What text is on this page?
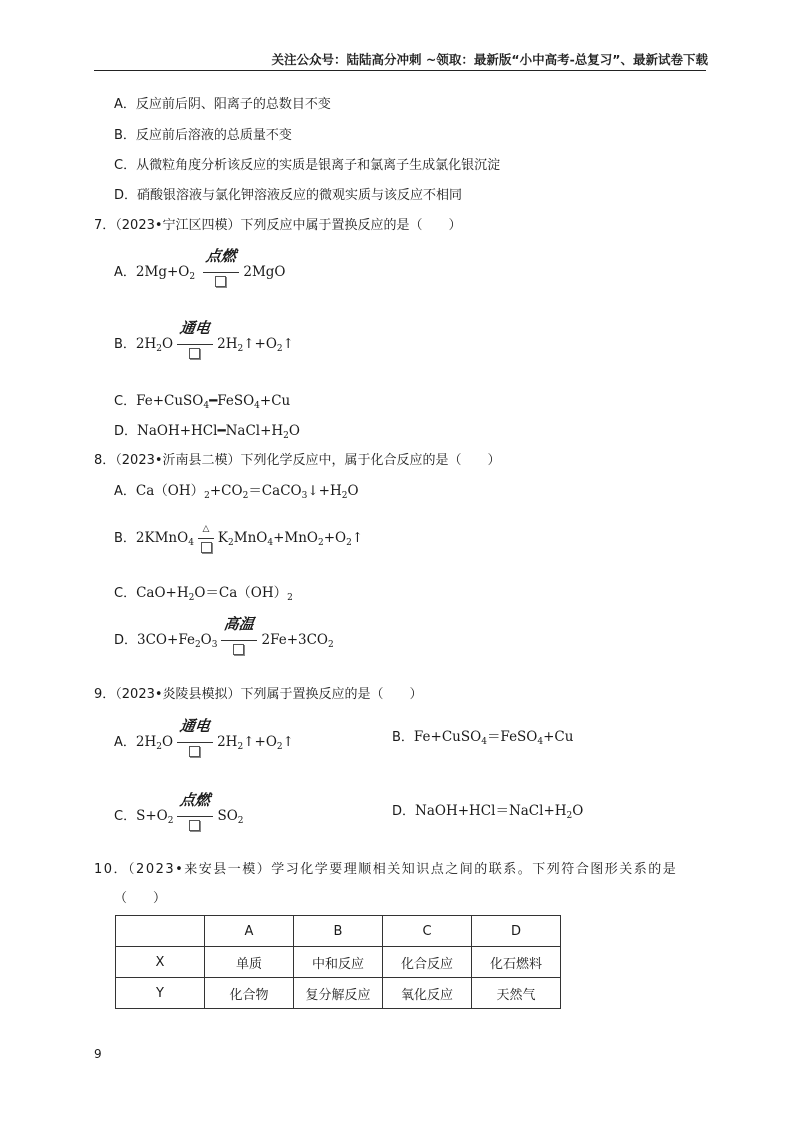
关注公众号：陆陆高分冲刺 ~领取：最新版“小中高考-总复习”、最新试卷下载
A．反应前后阴、阳离子的总数目不变
B．反应前后溶液的总质量不变
C．从微粒角度分析该反应的实质是银离子和氯离子生成氯化银沉淀
D．硝酸银溶液与氯化钾溶液反应的微观实质与该反应不相同
7．（2023•宁江区四模）下列反应中属于置换反应的是（　　）
A．$2Mg+O_2$
点燃
2MgO
B．$2H_2O$
通电
$2H_2↑+O_2↑$
C．Fe+CuSO$_4$━FeSO$_4$+Cu
D．$NaOH+HCl━NaCl+H_2O$
8．（2023•沂南县二模）下列化学反应中，属于化合反应的是（　　）
A．$Ca(OH)_2+CO_2=CaCO_3↓+H_2O$
B．2KMnO$_4$
△
$K_2MnO_4+MnO_2+O_2↑$
C．$CaO+H_2O=Ca(OH)_2$
D．$3CO+Fe_2O_3$
高温
$2Fe+3CO_2$
9．（2023•炎陵县模拟）下列属于置换反应的是（　　）
A．$2H_2O$
通电
$2H_2↑+O_2↑$	B．Fe+CuSO$_4$＝FeSO$_4$+Cu
C．$S+O_2$
点燃
$SO_2$
D．$NaOH+HCl=NaCl+H_2O$
10．（2023•来安县一模）学习化学要理顺相关知识点之间的联系。下列符合图形关系的是
（　　）
	A	B	C	D
X	单质	中和反应	化合反应	化石燃料
Y	化合物	复分解反应	氧化反应	天然气
9
